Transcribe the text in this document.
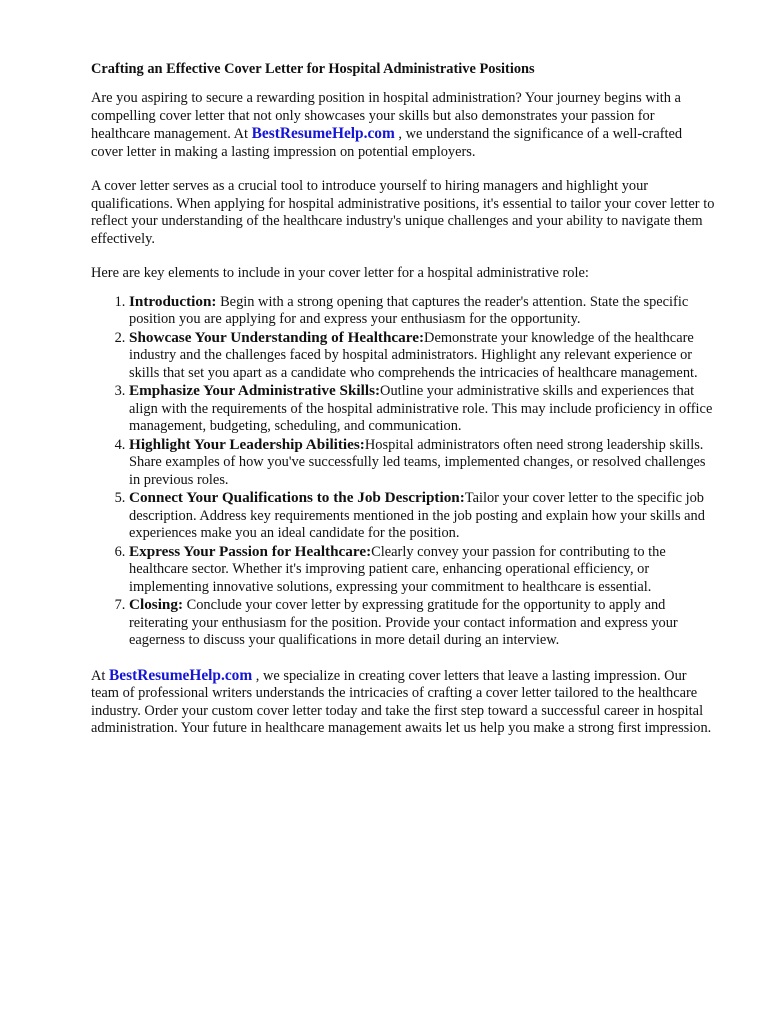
Crafting an Effective Cover Letter for Hospital Administrative Positions

Are you aspiring to secure a rewarding position in hospital administration? Your journey begins with a compelling cover letter that not only showcases your skills but also demonstrates your passion for healthcare management. At BestResumeHelp.com , we understand the significance of a well-crafted cover letter in making a lasting impression on potential employers.

A cover letter serves as a crucial tool to introduce yourself to hiring managers and highlight your qualifications. When applying for hospital administrative positions, it's essential to tailor your cover letter to reflect your understanding of the healthcare industry's unique challenges and your ability to navigate them effectively.

Here are key elements to include in your cover letter for a hospital administrative role:

1. Introduction: Begin with a strong opening that captures the reader's attention. State the specific position you are applying for and express your enthusiasm for the opportunity.
2. Showcase Your Understanding of Healthcare:Demonstrate your knowledge of the healthcare industry and the challenges faced by hospital administrators. Highlight any relevant experience or skills that set you apart as a candidate who comprehends the intricacies of healthcare management.
3. Emphasize Your Administrative Skills:Outline your administrative skills and experiences that align with the requirements of the hospital administrative role. This may include proficiency in office management, budgeting, scheduling, and communication.
4. Highlight Your Leadership Abilities:Hospital administrators often need strong leadership skills. Share examples of how you've successfully led teams, implemented changes, or resolved challenges in previous roles.
5. Connect Your Qualifications to the Job Description:Tailor your cover letter to the specific job description. Address key requirements mentioned in the job posting and explain how your skills and experiences make you an ideal candidate for the position.
6. Express Your Passion for Healthcare:Clearly convey your passion for contributing to the healthcare sector. Whether it's improving patient care, enhancing operational efficiency, or implementing innovative solutions, expressing your commitment to healthcare is essential.
7. Closing: Conclude your cover letter by expressing gratitude for the opportunity to apply and reiterating your enthusiasm for the position. Provide your contact information and express your eagerness to discuss your qualifications in more detail during an interview.

At BestResumeHelp.com , we specialize in creating cover letters that leave a lasting impression. Our team of professional writers understands the intricacies of crafting a cover letter tailored to the healthcare industry. Order your custom cover letter today and take the first step toward a successful career in hospital administration. Your future in healthcare management awaits let us help you make a strong first impression.
